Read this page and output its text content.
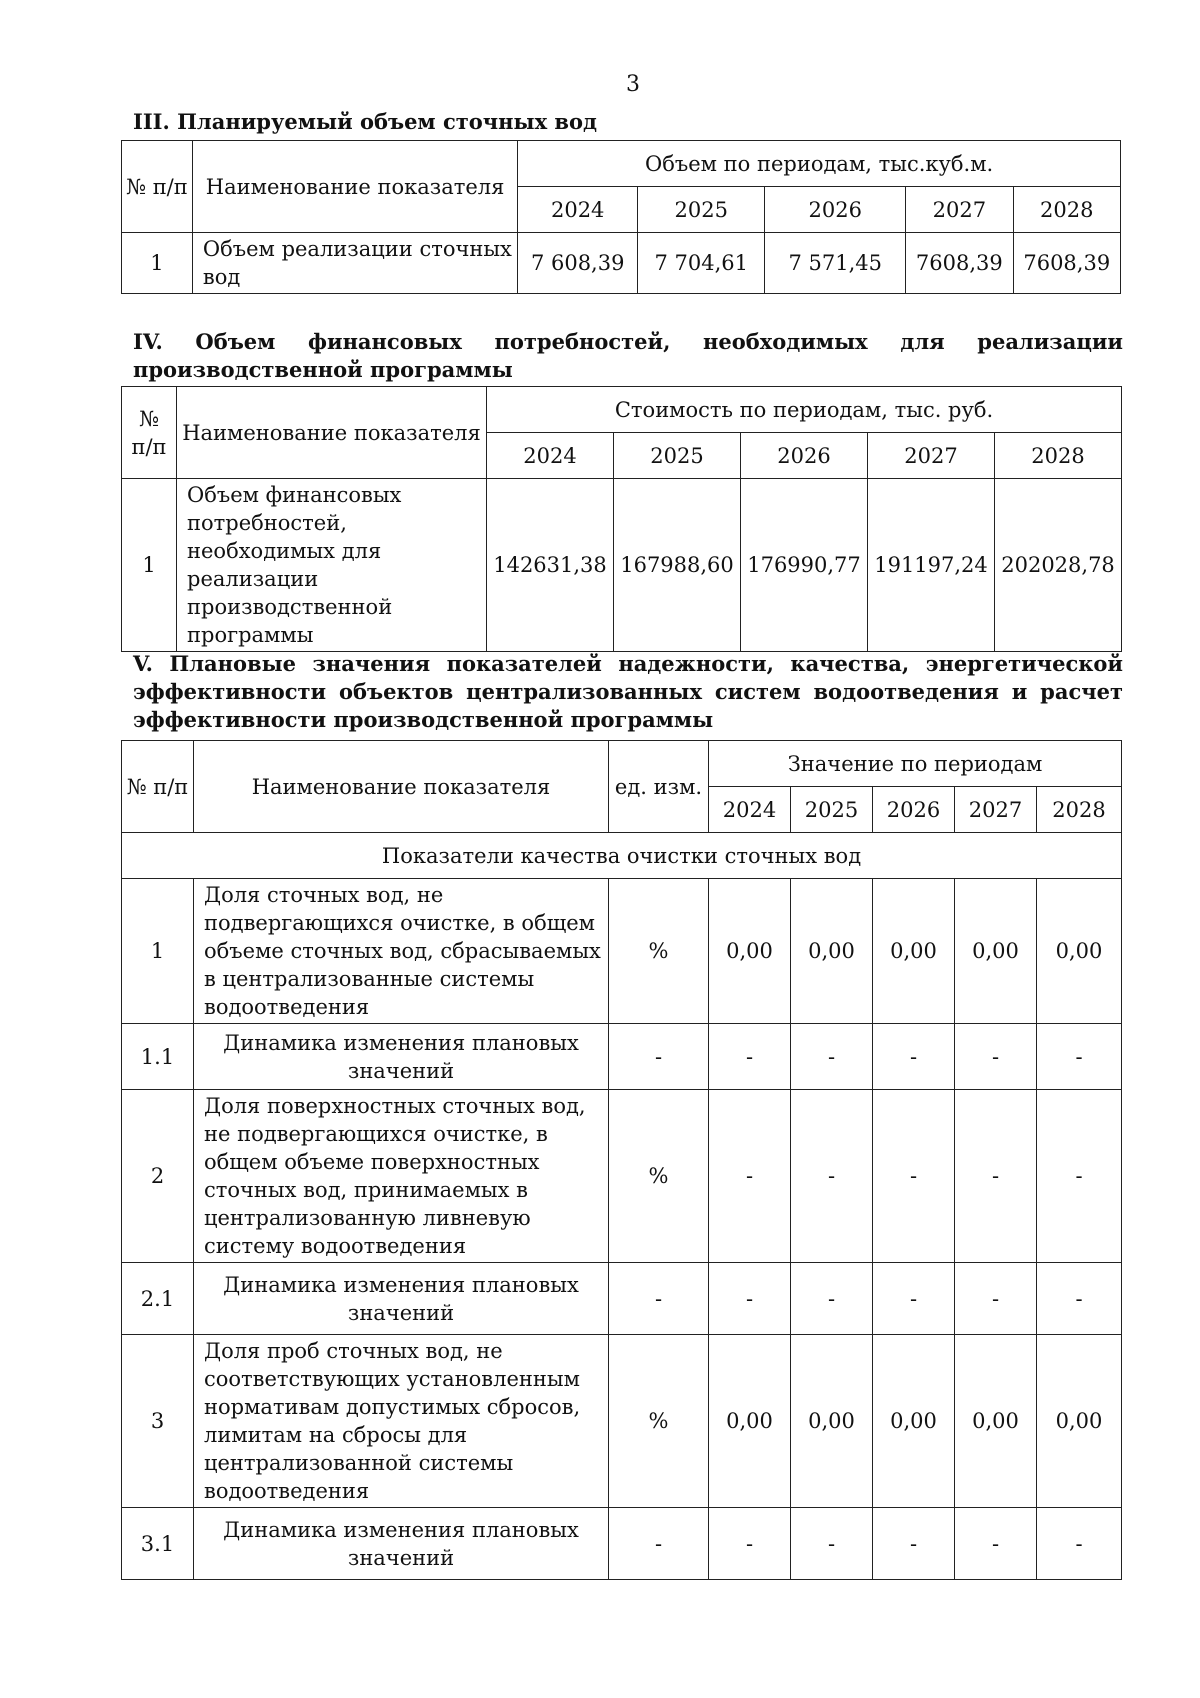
3
III. Планируемый объем сточных вод
№ п/п	Наименование показателя	Объем по периодам, тыс.куб.м.				
		2024	2025	2026	2027	2028
1	Объем реализации сточных вод	7 608,39	7 704,61	7 571,45	7608,39	7608,39
IV. Объем финансовых потребностей, необходимых для реализации производственной программы
№ п/п	Наименование показателя	Стоимость по периодам, тыс. руб.				
		2024	2025	2026	2027	2028
1	Объем финансовых потребностей, необходимых для реализации производственной программы	142631,38	167988,60	176990,77	191197,24	202028,78
V. Плановые значения показателей надежности, качества, энергетической эффективности объектов централизованных систем водоотведения и расчет эффективности производственной программы
№ п/п	Наименование показателя	ед. изм.	Значение по периодам				
			2024	2025	2026	2027	2028
Показатели качества очистки сточных вод							
1	Доля сточных вод, не подвергающихся очистке, в общем объеме сточных вод, сбрасываемых в централизованные системы водоотведения	%	0,00	0,00	0,00	0,00	0,00
1.1	Динамика изменения плановых значений	-	-	-	-	-	-
2	Доля поверхностных сточных вод, не подвергающихся очистке, в общем объеме поверхностных сточных вод, принимаемых в централизованную ливневую систему водоотведения	%	-	-	-	-	-
2.1	Динамика изменения плановых значений	-	-	-	-	-	-
3	Доля проб сточных вод, не соответствующих установленным нормативам допустимых сбросов, лимитам на сбросы для централизованной системы водоотведения	%	0,00	0,00	0,00	0,00	0,00
3.1	Динамика изменения плановых значений	-	-	-	-	-	-
